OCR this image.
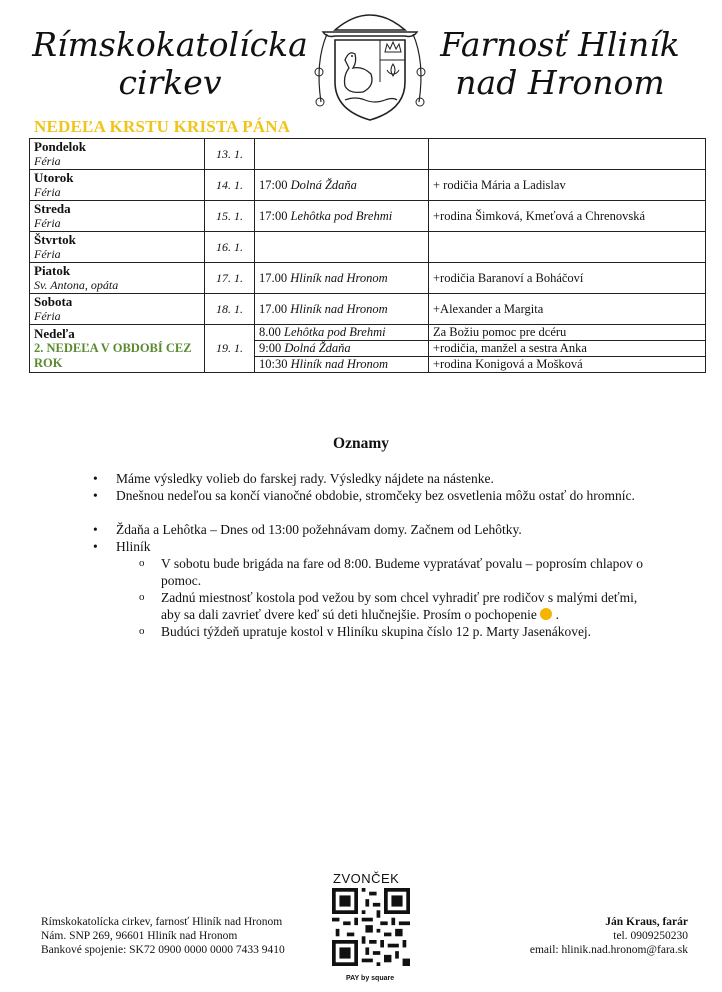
Rímskokatolícka
cirkev
Farnosť Hliník
nad Hronom
NEDEĽA KRSTU KRISTA PÁNA
Pondelok
Féria	13. 1.		

Utorok
Féria	14. 1.	17:00 Dolná Ždaňa	+ rodičia Mária a Ladislav

Streda
Féria	15. 1.	17:00 Lehôtka pod Brehmi	+rodina Šimková, Kmeťová a Chrenovská

Štvrtok
Féria	16. 1.		

Piatok
Sv. Antona, opáta	17. 1.	17.00 Hliník nad Hronom	+rodičia Baranoví a Boháčoví

Sobota
Féria	18. 1.	17.00 Hliník nad Hronom	+Alexander a Margita

Nedeľa
2. NEDEĽA V OBDOBÍ CEZ ROK	19. 1.	8.00 Lehôtka pod Brehmi	Za Božiu pomoc pre dcéru
		9:00 Dolná Ždaňa	+rodičia, manžel a sestra Anka
		10:30 Hliník nad Hronom	+rodina Konigová a Mošková
Oznamy
• Máme výsledky volieb do farskej rady. Výsledky nájdete na nástenke.
• Dnešnou nedeľou sa končí vianočné obdobie, stromčeky bez osvetlenia môžu ostať do hromníc.
• Ždaňa a Lehôtka – Dnes od 13:00 požehnávam domy. Začnem od Lehôtky.
• Hliník
o V sobotu bude brigáda na fare od 8:00. Budeme vypratávať povalu – poprosím chlapov o pomoc.
o Zadnú miestnosť kostola pod vežou by som chcel vyhradiť pre rodičov s malými deťmi, aby sa dali zavrieť dvere keď sú deti hlučnejšie. Prosím o pochopenie  .
o Budúci týždeň upratuje kostol v Hliníku skupina číslo 12 p. Marty Jasenákovej.
Rímskokatolícka cirkev, farnosť Hliník nad Hronom
Nám. SNP 269, 96601 Hliník nad Hronom
Bankové spojenie: SK72 0900 0000 0000 7433 9410
ZVONČEK
PAY by square
Ján Kraus, farár
tel. 0909250230
email: hlinik.nad.hronom@fara.sk
